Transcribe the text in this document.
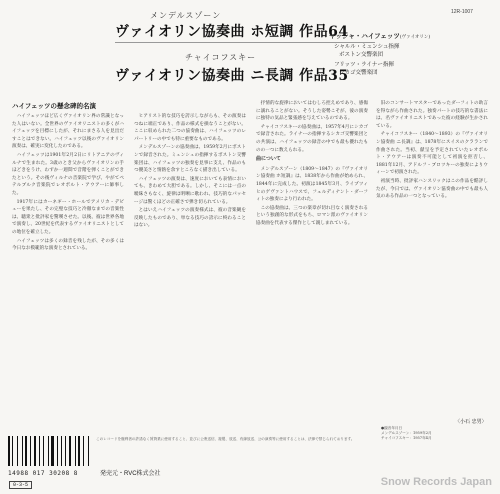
12R-1007
メンデルスゾーン
ヴァイオリン協奏曲 ホ短調 作品64
チャイコフスキー
ヴァイオリン協奏曲 ニ長調 作品35
ヤッシャ・ハイフェッツ(ヴァイオリン)
シャルル・ミュンシュ指揮
ボストン交響楽団
フリッツ・ライナー指揮
シカゴ交響楽団
ハイフェッツの懸念碑的名演

ハイフェッツほど広くヴァイオリン界の常識となった人はいない。全世界のヴァイオリニストの多くがハイフェッツを目標にしたが、それにまさる人を見出だすことはできない。ハイフェッツ以後のヴァイオリン演奏は、確実に変化したのである。

ハイフェッツは1901年2月2日にリトアニアのヴィルナで生まれた。3歳のとき父からヴァイオリンの手ほどきをうけ、わずか一週間で音階を弾くことができたという。その後ヴィルナの音楽院で学び、やがてペテルブルク音楽院でレオポルト・アウアーに師事した。

1917年にはカーネギー・ホールでアメリカ・デビューを果たし、その完璧な技巧と冷徹なまでの音楽性は、聴衆と批評家を驚嘆させた。以後、彼は世界各地で演奏し、20世紀を代表するヴァイオリニストとしての地位を確立した。

ハイフェッツは多くの録音を残したが、その多くは今日なお模範的な演奏とされている。

ヒアリスト的な技巧を誇示しながらも、その演奏はつねに端正であり、作品の様式を損なうことがない。ここに収められた二つの協奏曲は、ハイフェッツのレパートリーの中でも特に重要なものである。

メンデルスゾーンの協奏曲は、1959年2月にボストンで録音された。ミュンシュの指揮するボストン交響楽団は、ハイフェッツの独奏を見事に支え、作品のもつ優美さと情熱を余すところなく描き出している。

ハイフェッツの演奏は、速度においても表情においても、きわめて大胆である。しかし、そこには一点の曖昧さもなく、旋律は明晰に歌われ、技巧的なパッセージは驚くほどの正確さで弾き切られている。

とはいえハイフェッツの演奏様式は、彼の音楽観を反映したものであり、単なる技巧の誇示に終わることはない。

抒情的な旋律においてはむしろ控えめであり、感傷に溺れることがない。そうした姿勢こそが、彼の演奏に独特の気品と緊張感を与えているのである。

チャイコフスキーの協奏曲は、1957年4月にシカゴで録音された。ライナーの指揮するシカゴ交響楽団との共演は、ハイフェッツの録音の中でも最も優れたものの一つに数えられる。

曲について

メンデルスゾーン（1809〜1847）の『ヴァイオリン協奏曲 ホ短調』は、1838年から作曲が始められ、1844年に完成した。初演は1845年3月、ライプツィヒのゲヴァントハウスで、フェルディナント・ダーフィトの独奏により行われた。

この協奏曲は、三つの楽章が切れ目なく演奏されるという独創的な形式をもち、ロマン派のヴァイオリン協奏曲を代表する傑作として親しまれている。

旧のコンサートマスターであったダーフィトの助言を得ながら作曲された。独奏パートの技巧的な書法には、名ヴァイオリニストであった彼の経験が生かされている。

チャイコフスキー（1840〜1893）の『ヴァイオリン協奏曲 ニ長調』は、1878年にスイスのクラランで作曲された。当初、献呈を予定されていたレオポルト・アウアーは演奏不可能として初演を拒否し、1881年12月、アドルフ・ブロツキーの独奏によりウィーンで初演された。

初演当時、批評家ハンスリックはこの作品を酷評したが、今日では、ヴァイオリン協奏曲の中でも最も人気のある作品の一つとなっている。

〈小石 忠男〉
●録音年月日
メンデルスゾーン：1959年2月
チャイコフスキー：1957年4月
このレコードを権利者の許諾なく賃貸業に使用すること、並びに公衆送信、複製、放送、有線放送、公の演奏等に使用することは、法律で禁じられております。
14988 017 30208 8	発売元・RVC株式会社
0-3-5	Snow Records Japan
